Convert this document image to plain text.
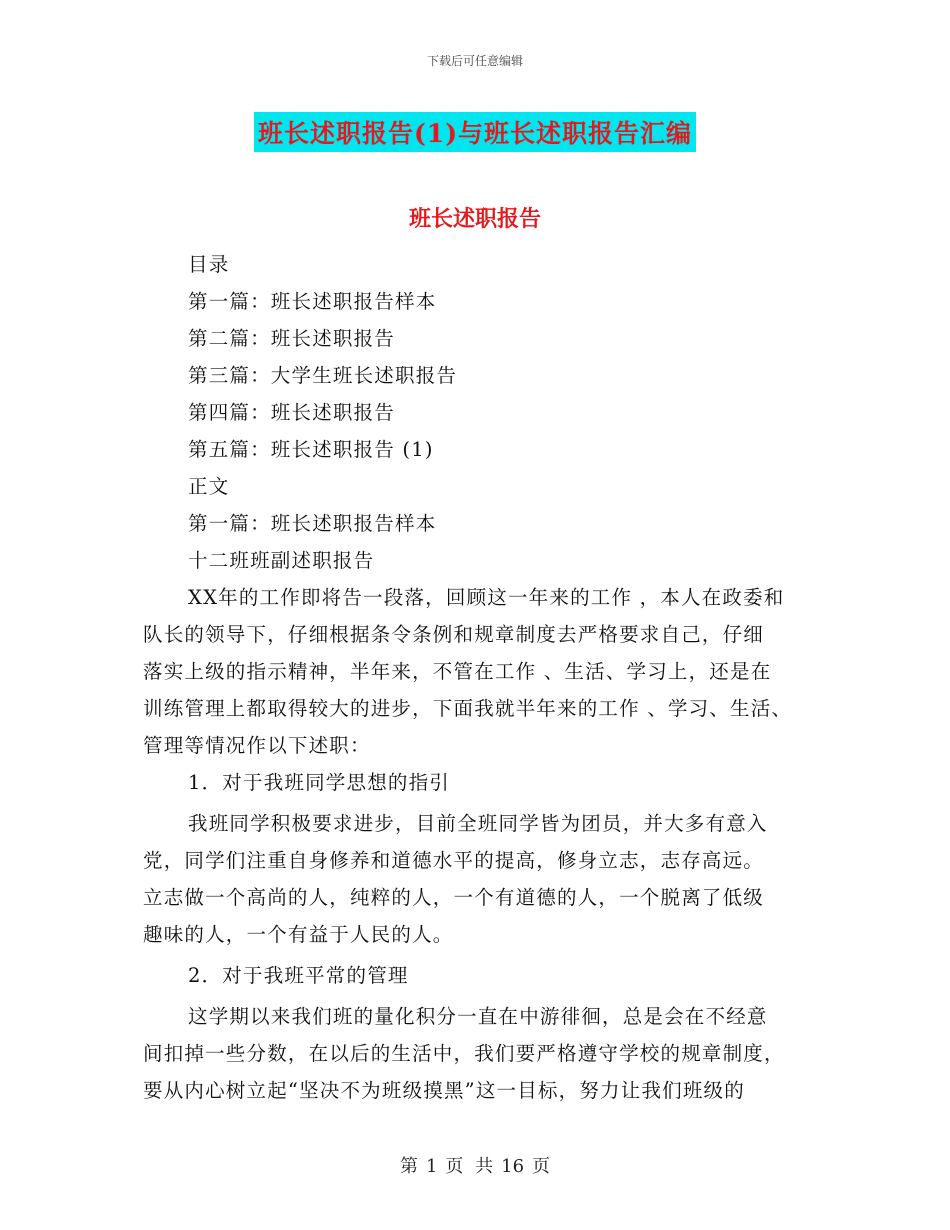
下载后可任意编辑
班长述职报告(1)与班长述职报告汇编
班长述职报告
目录
第一篇：班长述职报告样本
第二篇：班长述职报告
第三篇：大学生班长述职报告
第四篇：班长述职报告
第五篇：班长述职报告 (1)
正文
第一篇：班长述职报告样本
十二班班副述职报告
XX年的工作即将告一段落，回顾这一年来的工作 ，本人在政委和
队长的领导下，仔细根据条令条例和规章制度去严格要求自己，仔细
落实上级的指示精神，半年来，不管在工作 、生活、学习上，还是在
训练管理上都取得较大的进步，下面我就半年来的工作 、学习、生活、
管理等情况作以下述职：
1．对于我班同学思想的指引
我班同学积极要求进步，目前全班同学皆为团员，并大多有意入
党，同学们注重自身修养和道德水平的提高，修身立志，志存高远。
立志做一个高尚的人，纯粹的人，一个有道德的人，一个脱离了低级
趣味的人，一个有益于人民的人。
2．对于我班平常的管理
这学期以来我们班的量化积分一直在中游徘徊，总是会在不经意
间扣掉一些分数，在以后的生活中，我们要严格遵守学校的规章制度，
要从内心树立起“坚决不为班级摸黑”这一目标，努力让我们班级的
第 1 页 共 16 页
